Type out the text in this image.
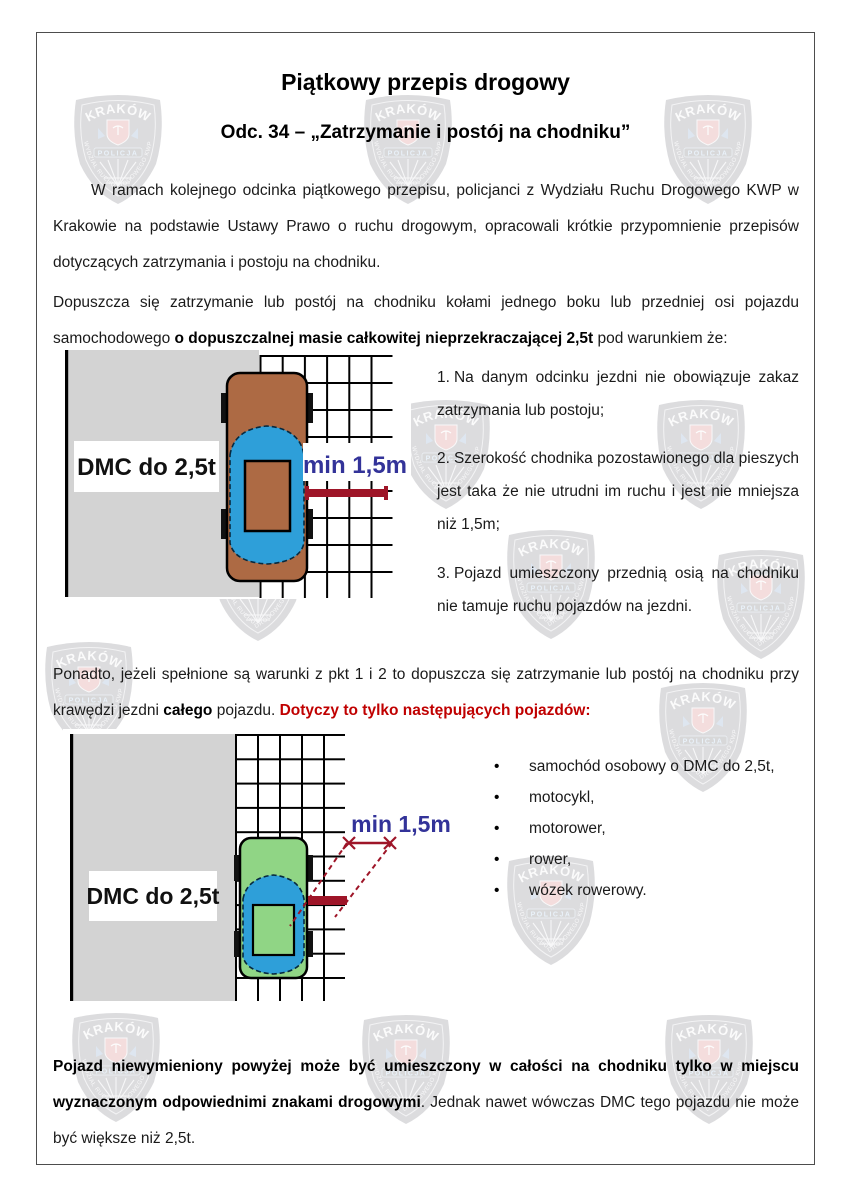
Piątkowy przepis drogowy
Odc. 34 – „Zatrzymanie i postój na chodniku”

W ramach kolejnego odcinka piątkowego przepisu, policjanci z Wydziału Ruchu Drogowego KWP w Krakowie na podstawie Ustawy Prawo o ruchu drogowym, opracowali krótkie przypomnienie przepisów dotyczących zatrzymania i postoju na chodniku.

Dopuszcza się zatrzymanie lub postój na chodniku kołami jednego boku lub przedniej osi pojazdu samochodowego o dopuszczalnej masie całkowitej nieprzekraczającej 2,5t pod warunkiem że:

DMC do 2,5t	min 1,5m

1. Na danym odcinku jezdni nie obowiązuje zakaz zatrzymania lub postoju;

2. Szerokość chodnika pozostawionego dla pieszych jest taka że nie utrudni im ruchu i jest nie mniejsza niż 1,5m;

3. Pojazd umieszczony przednią osią na chodniku nie tamuje ruchu pojazdów na jezdni.

Ponadto, jeżeli spełnione są warunki z pkt 1 i 2 to dopuszcza się zatrzymanie lub postój na chodniku przy krawędzi jezdni całego pojazdu. Dotyczy to tylko następujących pojazdów:

DMC do 2,5t
min 1,5m
• samochód osobowy o DMC do 2,5t,
• motocykl,
• motorower,
• rower,
• wózek rowerowy.

Pojazd niewymieniony powyżej może być umieszczony w całości na chodniku tylko w miejscu wyznaczonym odpowiednimi znakami drogowymi. Jednak nawet wówczas DMC tego pojazdu nie może być większe niż 2,5t.
